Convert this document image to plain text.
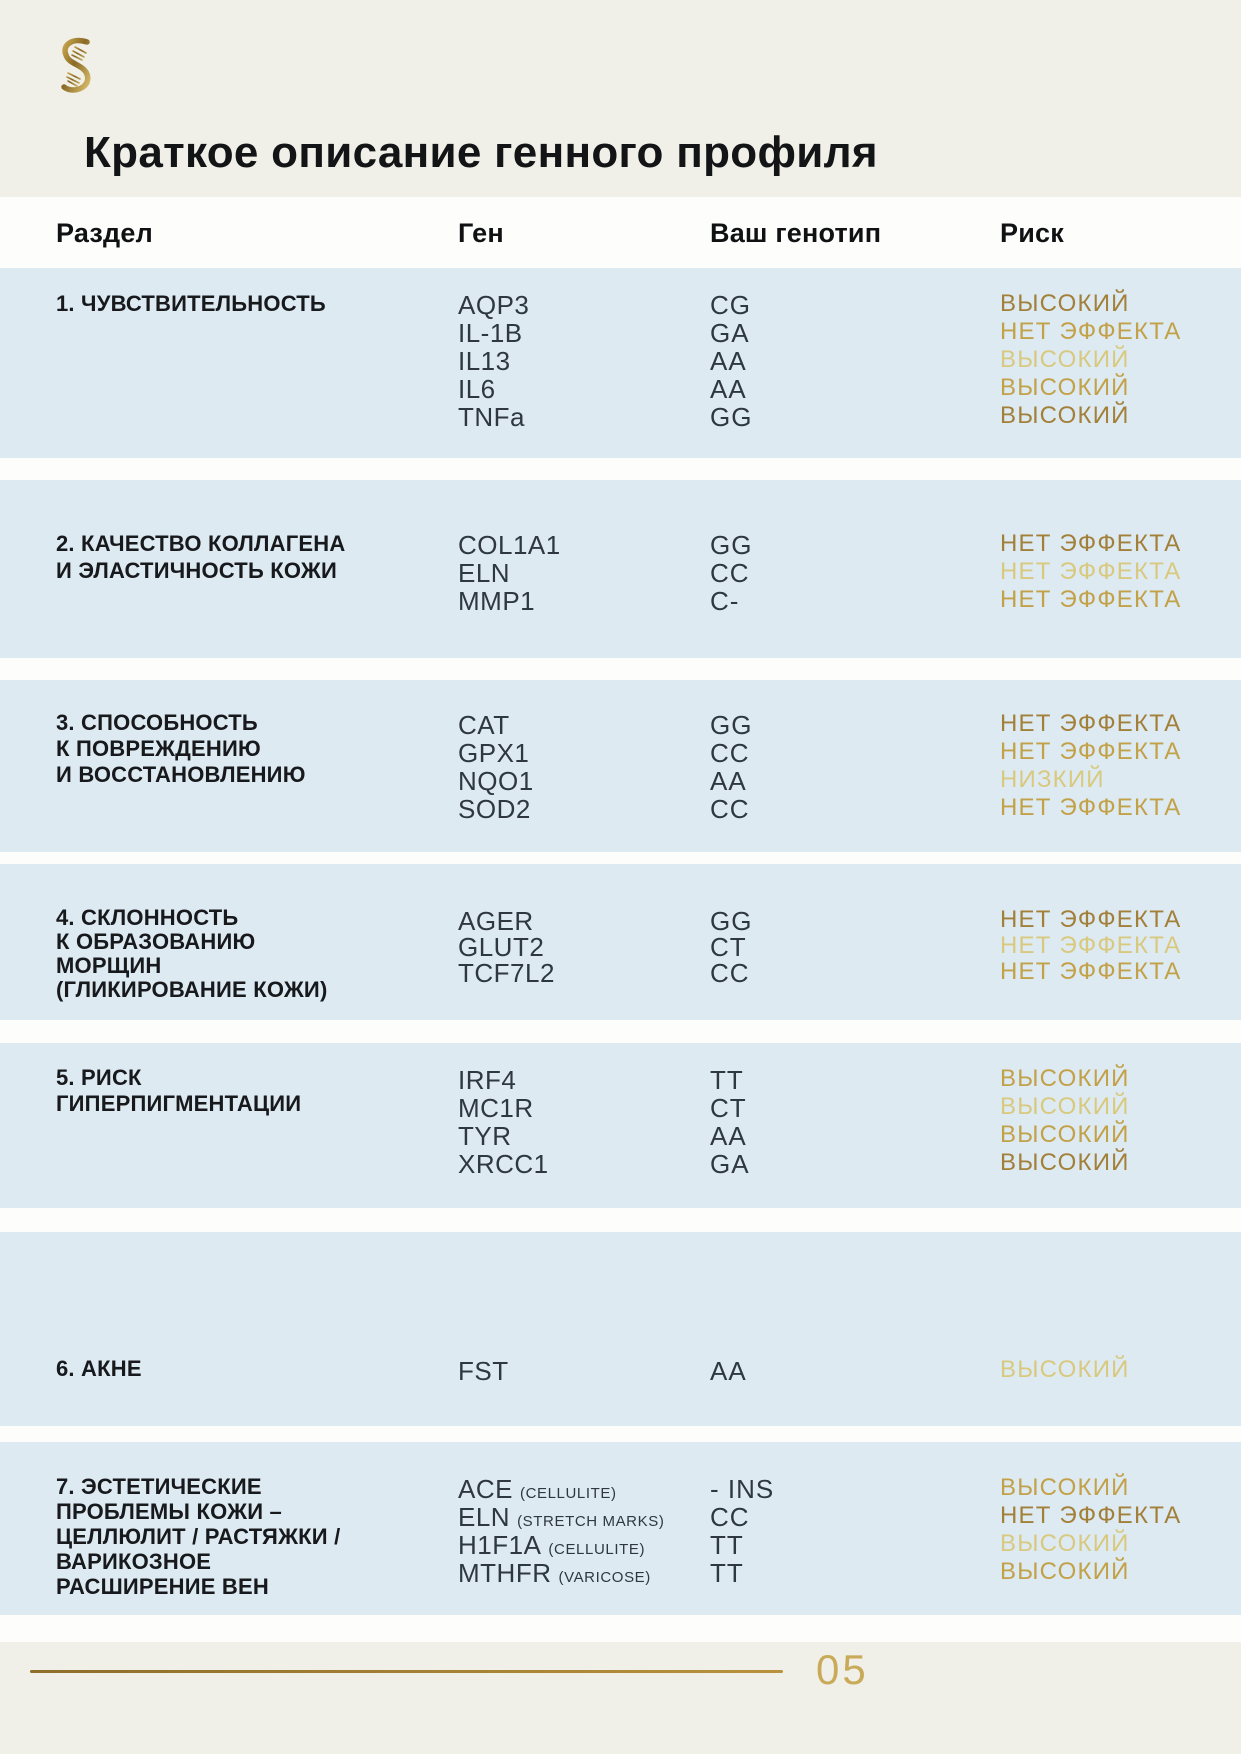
Краткое описание генного профиля
Раздел	Ген	Ваш генотип	Риск
1. ЧУВСТВИТЕЛЬНОСТЬ	AQP3	CG	ВЫСОКИЙ
IL-1B	GA	НЕТ ЭФФЕКТА
IL13	AA	ВЫСОКИЙ
IL6	AA	ВЫСОКИЙ
TNFa	GG	ВЫСОКИЙ
2. КАЧЕСТВО КОЛЛАГЕНА
И ЭЛАСТИЧНОСТЬ КОЖИ
COL1A1	GG	НЕТ ЭФФЕКТА
ELN	CC	НЕТ ЭФФЕКТА
MMP1	C-	НЕТ ЭФФЕКТА
3. СПОСОБНОСТЬ
К ПОВРЕЖДЕНИЮ
И ВОССТАНОВЛЕНИЮ
CAT	GG	НЕТ ЭФФЕКТА
GPX1	CC	НЕТ ЭФФЕКТА
NQO1	AA	НИЗКИЙ
SOD2	CC	НЕТ ЭФФЕКТА
4. СКЛОННОСТЬ
К ОБРАЗОВАНИЮ
МОРЩИН
(ГЛИКИРОВАНИЕ КОЖИ)
AGER	GG	НЕТ ЭФФЕКТА
GLUT2	CT	НЕТ ЭФФЕКТА
TCF7L2	CC	НЕТ ЭФФЕКТА
5. РИСК
ГИПЕРПИГМЕНТАЦИИ
IRF4	TT	ВЫСОКИЙ
MC1R	CT	ВЫСОКИЙ
TYR	AA	ВЫСОКИЙ
XRCC1	GA	ВЫСОКИЙ
6. АКНЕ	FST	AA	ВЫСОКИЙ
7. ЭСТЕТИЧЕСКИЕ
ПРОБЛЕМЫ КОЖИ –
ЦЕЛЛЮЛИТ / РАСТЯЖКИ /
ВАРИКОЗНОЕ
РАСШИРЕНИЕ ВЕН
ACE (CELLULITE)	- INS	ВЫСОКИЙ
ELN (STRETCH MARKS) CC	НЕТ ЭФФЕКТА
H1F1A (CELLULITE) TT	ВЫСОКИЙ
MTHFR (VARICOSE) TT	ВЫСОКИЙ
05
